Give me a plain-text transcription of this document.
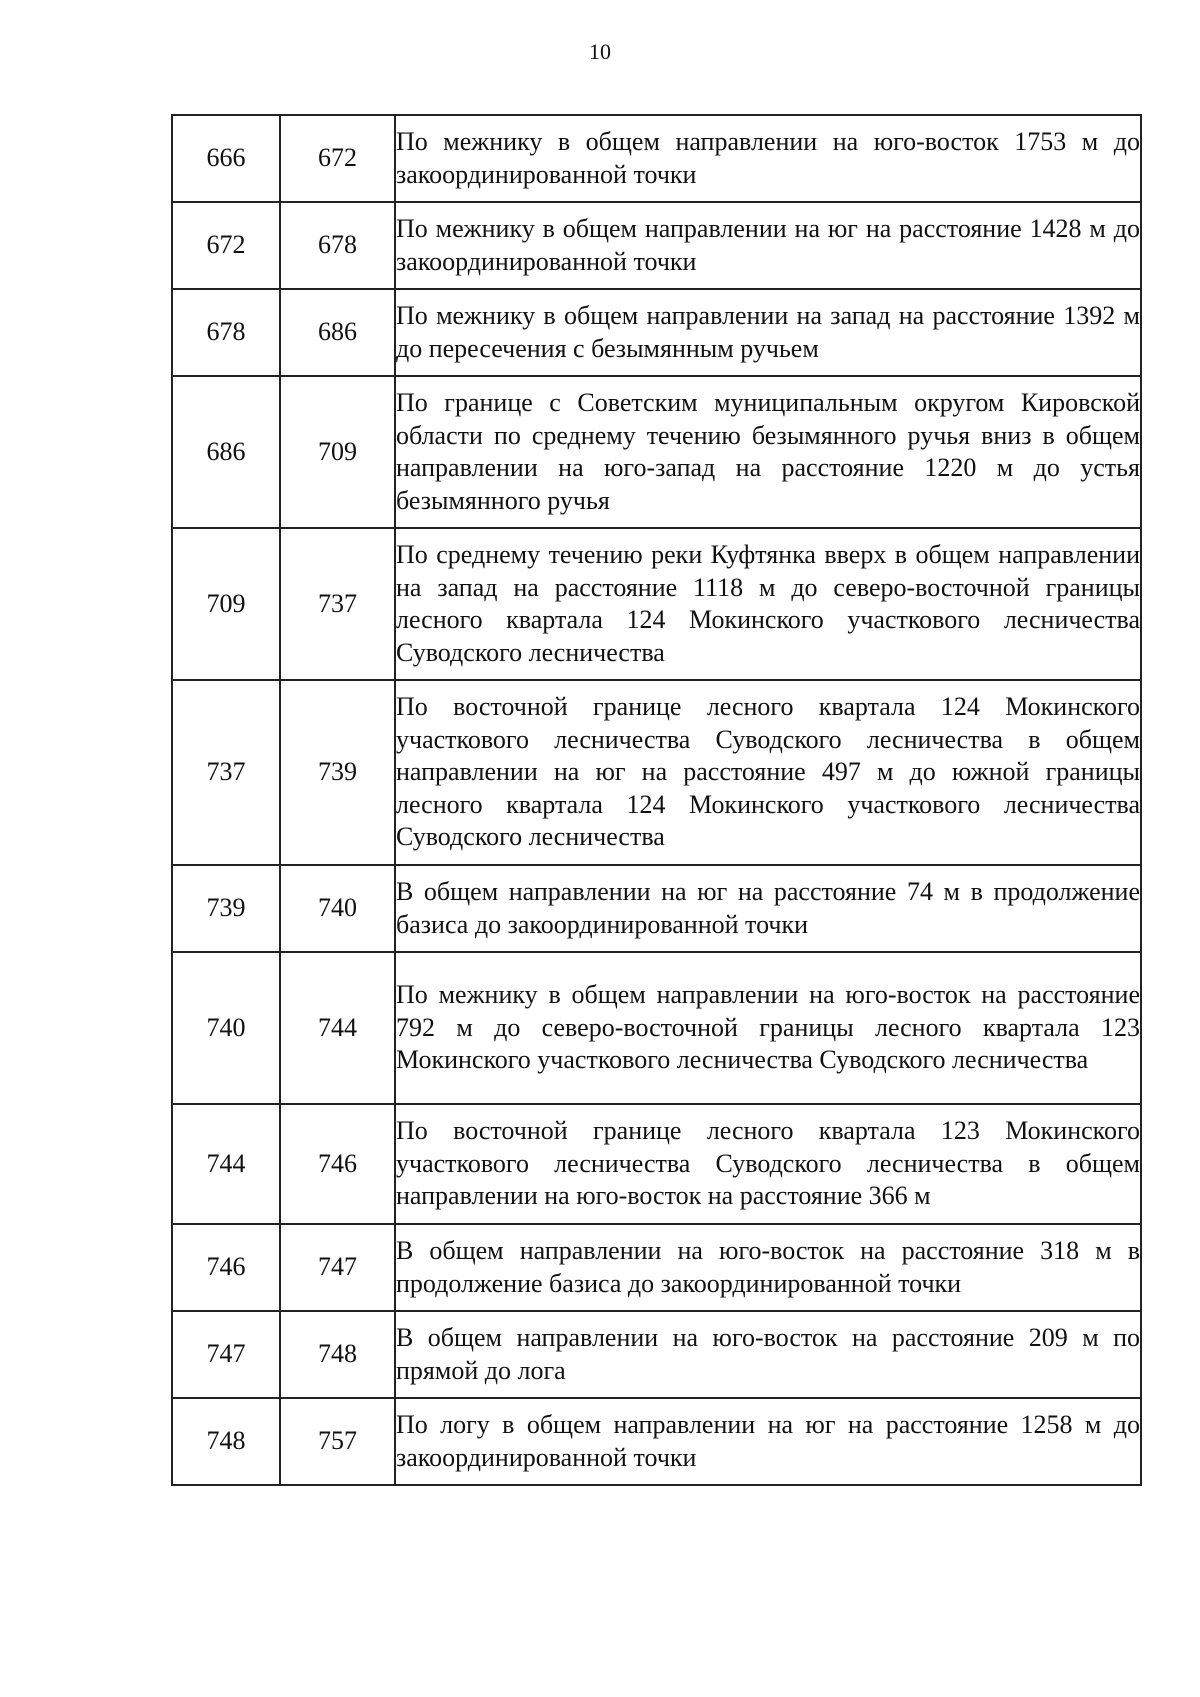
10
666	672	По межнику в общем направлении на юго-восток 1753 м до закоординированной точки
672	678	По межнику в общем направлении на юг на расстояние 1428 м до закоординированной точки
678	686	По межнику в общем направлении на запад на расстояние 1392 м до пересечения с безымянным ручьем
686	709	По границе с Советским муниципальным округом Кировской области по среднему течению безымянного ручья вниз в общем направлении на юго-запад на расстояние 1220 м до устья безымянного ручья
709	737	По среднему течению реки Куфтянка вверх в общем направлении на запад на расстояние 1118 м до северо-восточной границы лесного квартала 124 Мокинского участкового лесничества Суводского лесничества
737	739	По восточной границе лесного квартала 124 Мокинского участкового лесничества Суводского лесничества в общем направлении на юг на расстояние 497 м до южной границы лесного квартала 124 Мокинского участкового лесничества Суводского лесничества
739	740	В общем направлении на юг на расстояние 74 м в продолжение базиса до закоординированной точки
740	744	По межнику в общем направлении на юго-восток на расстояние 792 м до северо-восточной границы лесного квартала 123 Мокинского участкового лесничества Суводского лесничества
744	746	По восточной границе лесного квартала 123 Мокинского участкового лесничества Суводского лесничества в общем направлении на юго-восток на расстояние 366 м
746	747	В общем направлении на юго-восток на расстояние 318 м в продолжение базиса до закоординированной точки
747	748	В общем направлении на юго-восток на расстояние 209 м по прямой до лога
748	757	По логу в общем направлении на юг на расстояние 1258 м до закоординированной точки
